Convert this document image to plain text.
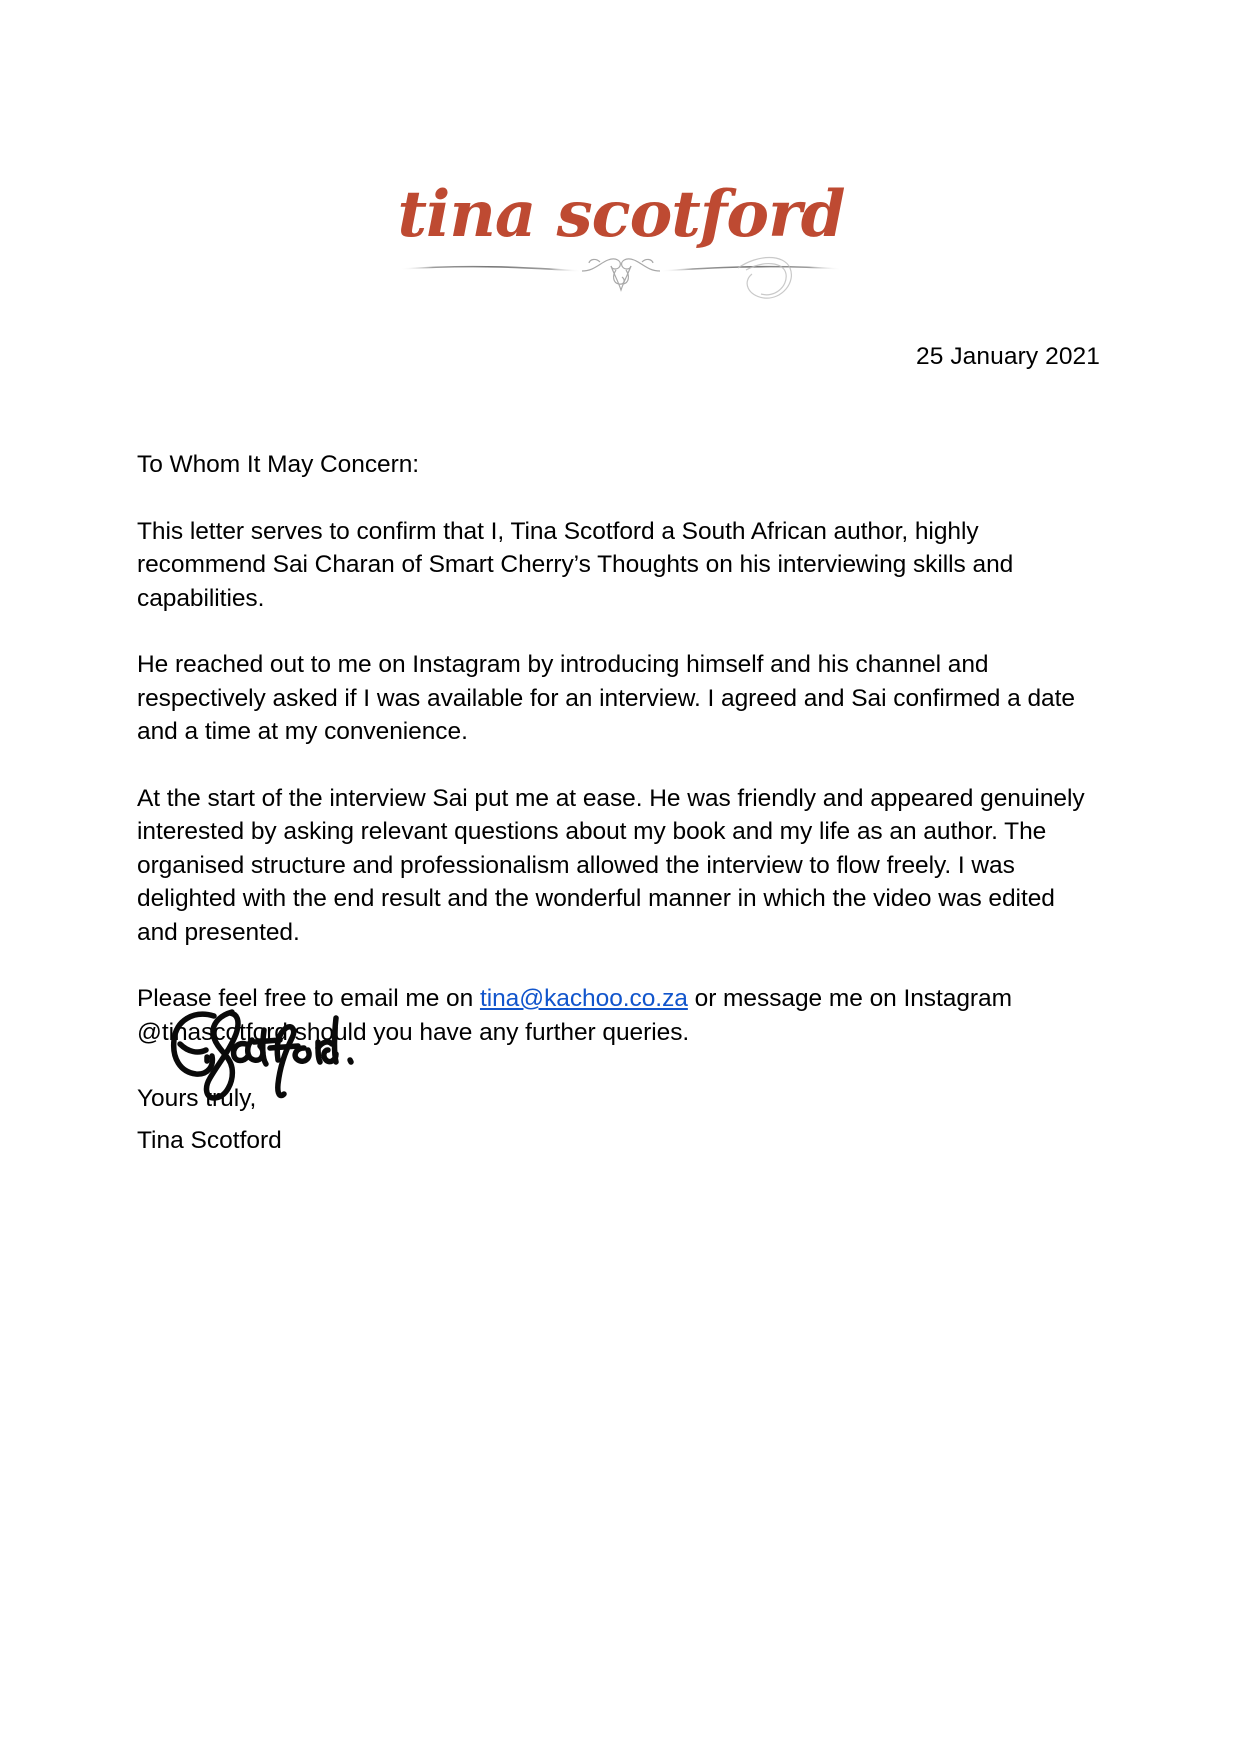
tina scotford
25 January 2021

To Whom It May Concern:

This letter serves to confirm that I, Tina Scotford a South African author, highly recommend Sai Charan of Smart Cherry’s Thoughts on his interviewing skills and capabilities.

He reached out to me on Instagram by introducing himself and his channel and respectively asked if I was available for an interview. I agreed and Sai confirmed a date and a time at my convenience.

At the start of the interview Sai put me at ease. He was friendly and appeared genuinely interested by asking relevant questions about my book and my life as an author. The organised structure and professionalism allowed the interview to flow freely. I was delighted with the end result and the wonderful manner in which the video was edited and presented.

Please feel free to email me on tina@kachoo.co.za or message me on Instagram @tinascotford should you have any further queries.

Yours truly,

Tina Scotford
